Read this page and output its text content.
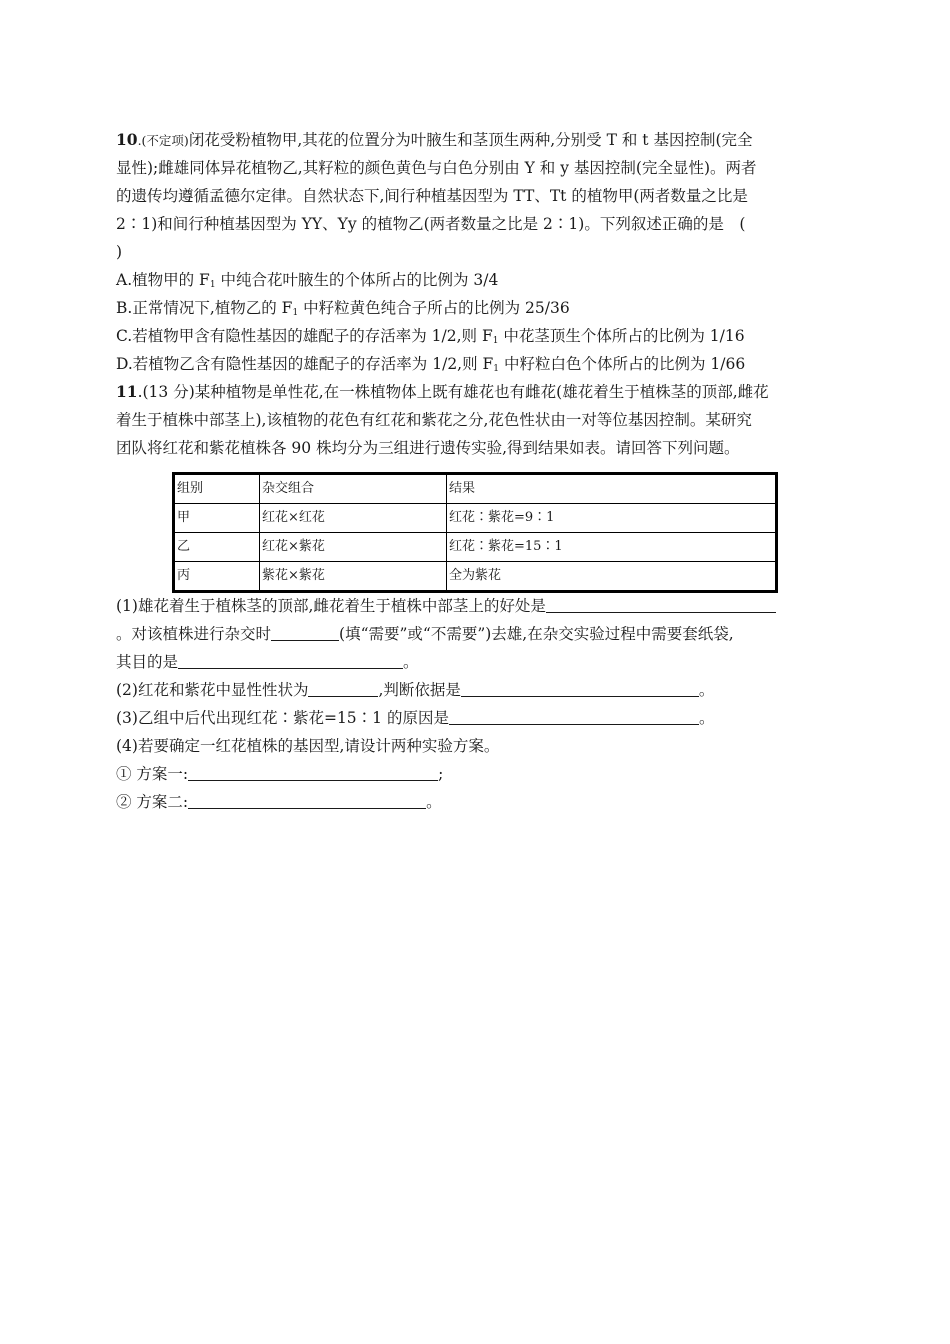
10.(不定项)闭花受粉植物甲,其花的位置分为叶腋生和茎顶生两种,分别受 T 和 t 基因控制(完全
显性);雌雄同体异花植物乙,其籽粒的颜色黄色与白色分别由 Y 和 y 基因控制(完全显性)。两者
的遗传均遵循孟德尔定律。自然状态下,间行种植基因型为 TT、Tt 的植物甲(两者数量之比是
2∶1)和间行种植基因型为 YY、Yy 的植物乙(两者数量之比是 2∶1)。下列叙述正确的是　(
)
A.植物甲的 $F_1$ 中纯合花叶腋生的个体所占的比例为 3/4
B.正常情况下,植物乙的 $F_1$ 中籽粒黄色纯合子所占的比例为 25/36
C.若植物甲含有隐性基因的雄配子的存活率为 1/2,则 $F_1$ 中花茎顶生个体所占的比例为 1/16
D.若植物乙含有隐性基因的雄配子的存活率为 1/2,则 $F_1$ 中籽粒白色个体所占的比例为 1/66
11.(13 分)某种植物是单性花,在一株植物体上既有雄花也有雌花(雄花着生于植株茎的顶部,雌花
着生于植株中部茎上),该植物的花色有红花和紫花之分,花色性状由一对等位基因控制。某研究
团队将红花和紫花植株各 90 株均分为三组进行遗传实验,得到结果如表。请回答下列问题。
(1)雄花着生于植株茎的顶部,雌花着生于植株中部茎上的好处是
。对该植株进行杂交时	(填“需要”或“不需要”)去雄,在杂交实验过程中需要套纸袋,
其目的是	。
(2)红花和紫花中显性性状为	,判断依据是	。
(3)乙组中后代出现红花∶紫花=15∶1 的原因是	。
(4)若要确定一红花植株的基因型,请设计两种实验方案。
① 方案一:	;
② 方案二:	。
组别	杂交组合	结果
甲	红花×红花	红花∶紫花=9∶1
乙	红花×紫花	红花∶紫花=15∶1
丙	紫花×紫花	全为紫花
